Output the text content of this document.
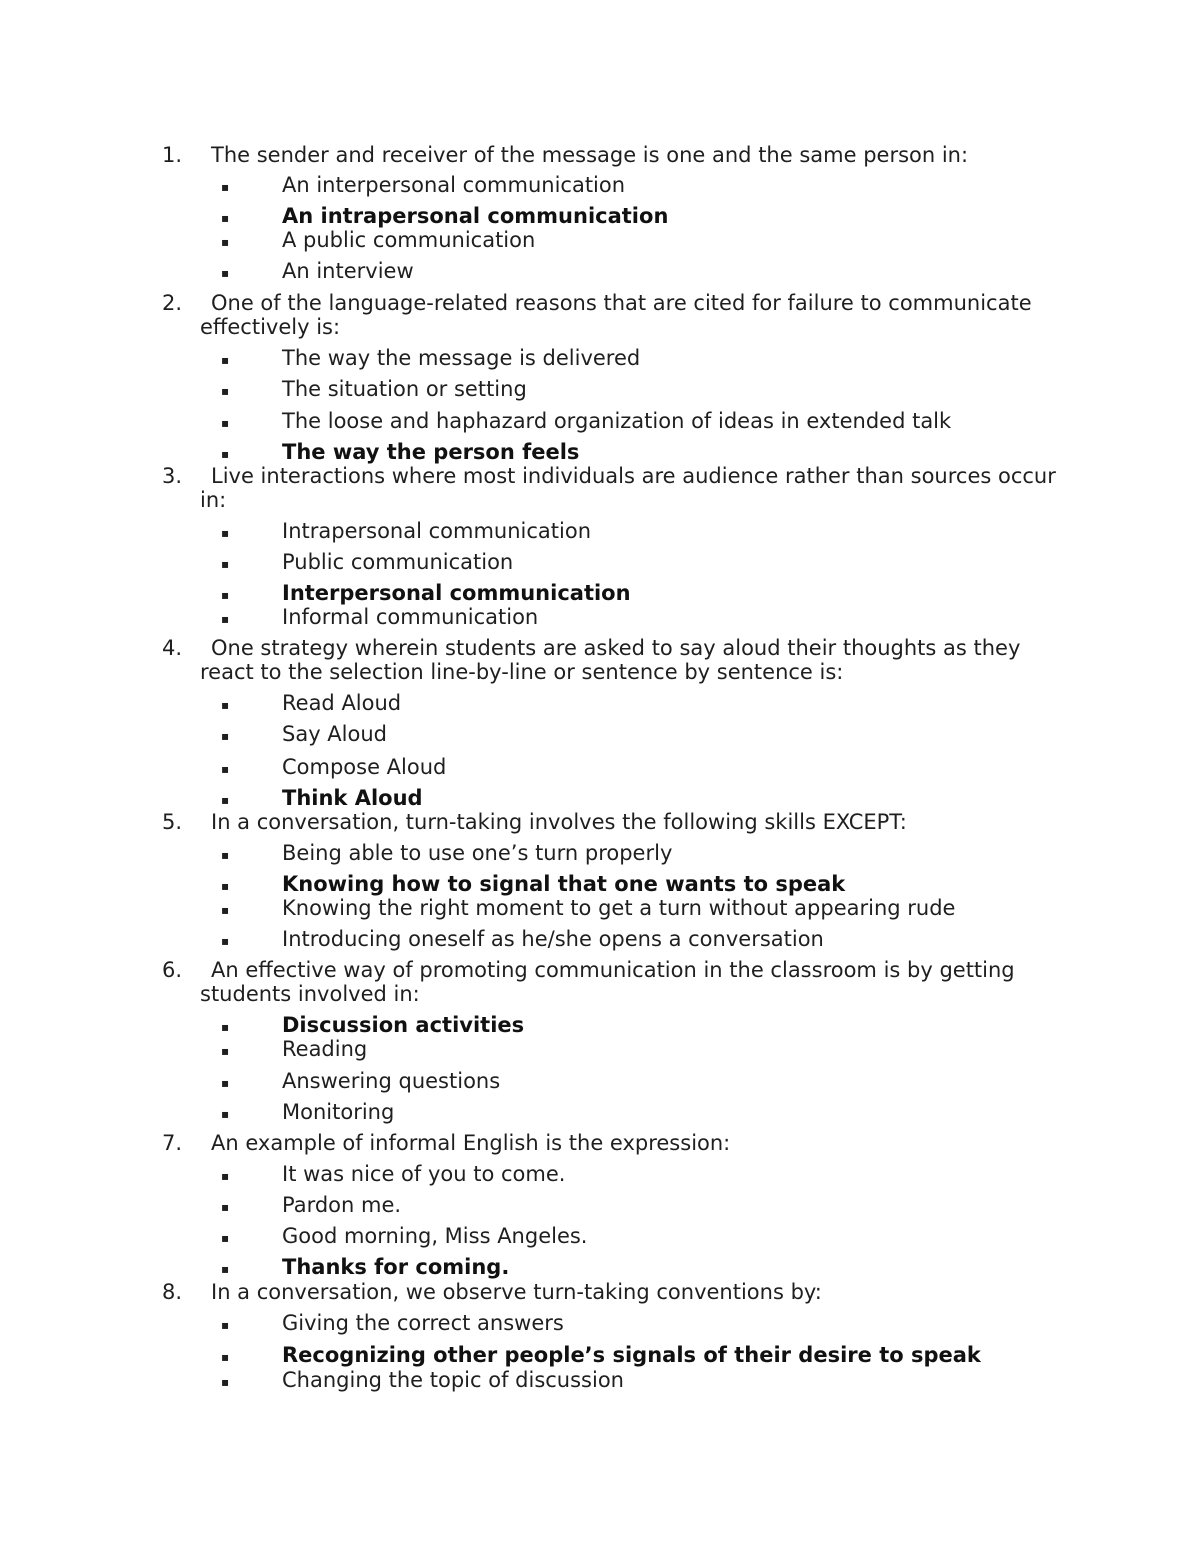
1.	The sender and receiver of the message is one and the same person in:
▪	An interpersonal communication
▪	An intrapersonal communication
▪	A public communication
▪	An interview
2.	One of the language-related reasons that are cited for failure to communicate
effectively is:
▪	The way the message is delivered
▪	The situation or setting
▪	The loose and haphazard organization of ideas in extended talk
▪	The way the person feels
3.	Live interactions where most individuals are audience rather than sources occur
in:
▪	Intrapersonal communication
▪	Public communication
▪	Interpersonal communication
▪	Informal communication
4.	One strategy wherein students are asked to say aloud their thoughts as they
react to the selection line-by-line or sentence by sentence is:
▪	Read Aloud
▪	Say Aloud
▪	Compose Aloud
▪	Think Aloud
5.	In a conversation, turn-taking involves the following skills EXCEPT:
▪	Being able to use one’s turn properly
▪	Knowing how to signal that one wants to speak
▪	Knowing the right moment to get a turn without appearing rude
▪	Introducing oneself as he/she opens a conversation
6.	An effective way of promoting communication in the classroom is by getting
students involved in:
▪	Discussion activities
▪	Reading
▪	Answering questions
▪	Monitoring
7.	An example of informal English is the expression:
▪	It was nice of you to come.
▪	Pardon me.
▪	Good morning, Miss Angeles.
▪	Thanks for coming.
8.	In a conversation, we observe turn-taking conventions by:
▪	Giving the correct answers
▪	Recognizing other people’s signals of their desire to speak
▪	Changing the topic of discussion
